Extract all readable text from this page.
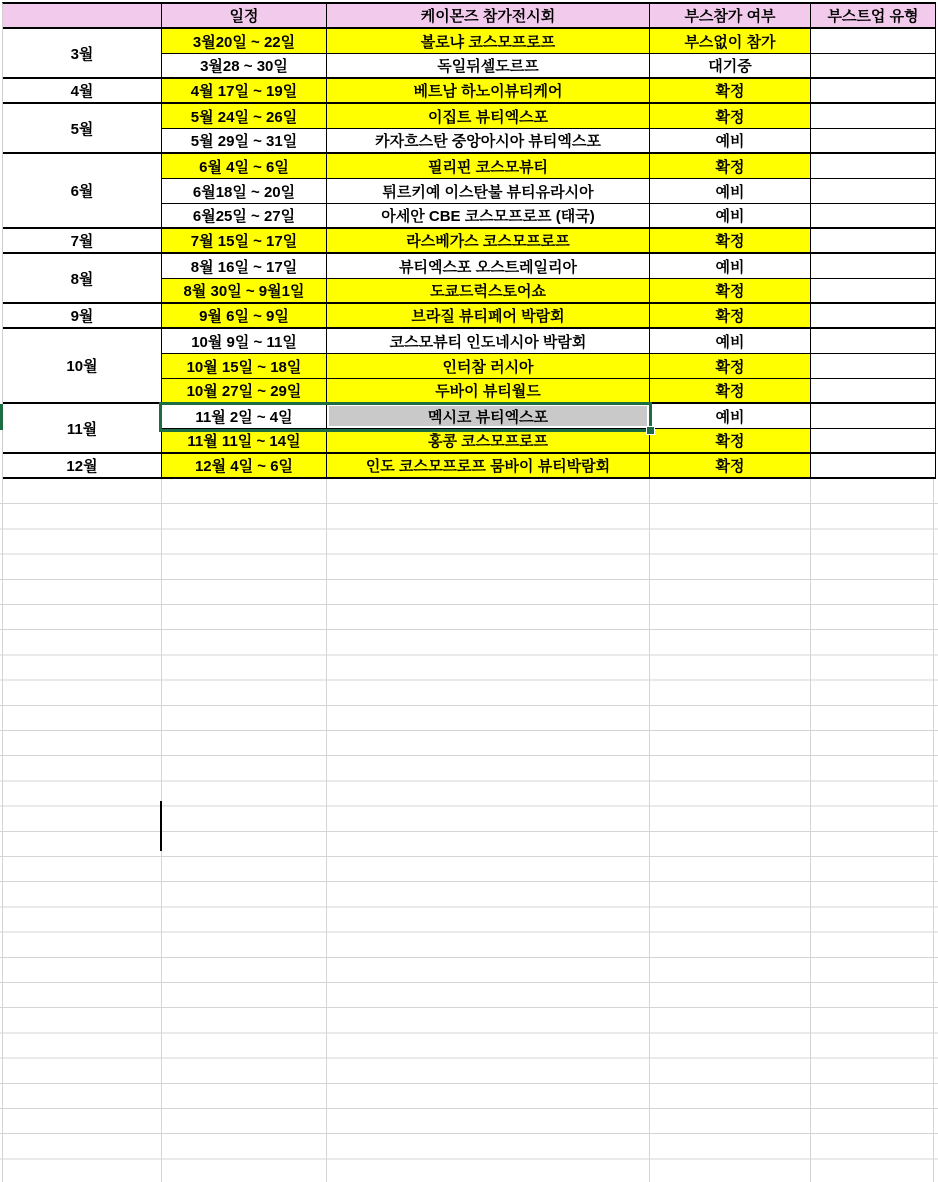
일정	케이몬즈 참가전시회	부스참가 여부	부스트업 유형
3월
3월20일 ~ 22일	볼로냐 코스모프로프	부스없이 참가
3월28 ~ 30일	독일뒤셀도르프	대기중
4월	4월 17일 ~ 19일	베트남 하노이뷰티케어	확정
5월
5월 24일 ~ 26일	이집트 뷰티엑스포	확정
5월 29일 ~ 31일	카자흐스탄 중앙아시아 뷰티엑스포	예비
6월
6월 4일 ~ 6일	필리핀 코스모뷰티	확정
6월18일 ~ 20일	튀르키예 이스탄불 뷰티유라시아	예비
6월25일 ~ 27일	아세안 CBE 코스모프로프 (태국)	예비
7월	7월 15일 ~ 17일	라스베가스 코스모프로프	확정
8월
8월 16일 ~ 17일	뷰티엑스포 오스트레일리아	예비
8월 30일 ~ 9월1일	도쿄드럭스토어쇼	확정
9월	9월 6일 ~ 9일	브라질 뷰티페어 박람회	확정
10월
10월 9일 ~ 11일	코스모뷰티 인도네시아 박람회	예비
10월 15일 ~ 18일	인터참 러시아	확정
10월 27일 ~ 29일	두바이 뷰티월드	확정
11월
11월 2일 ~ 4일	멕시코 뷰티엑스포	예비
11월 11일 ~ 14일	홍콩 코스모프로프	확정
12월	12월 4일 ~ 6일	인도 코스모프로프 뭄바이 뷰티박람회	확정
